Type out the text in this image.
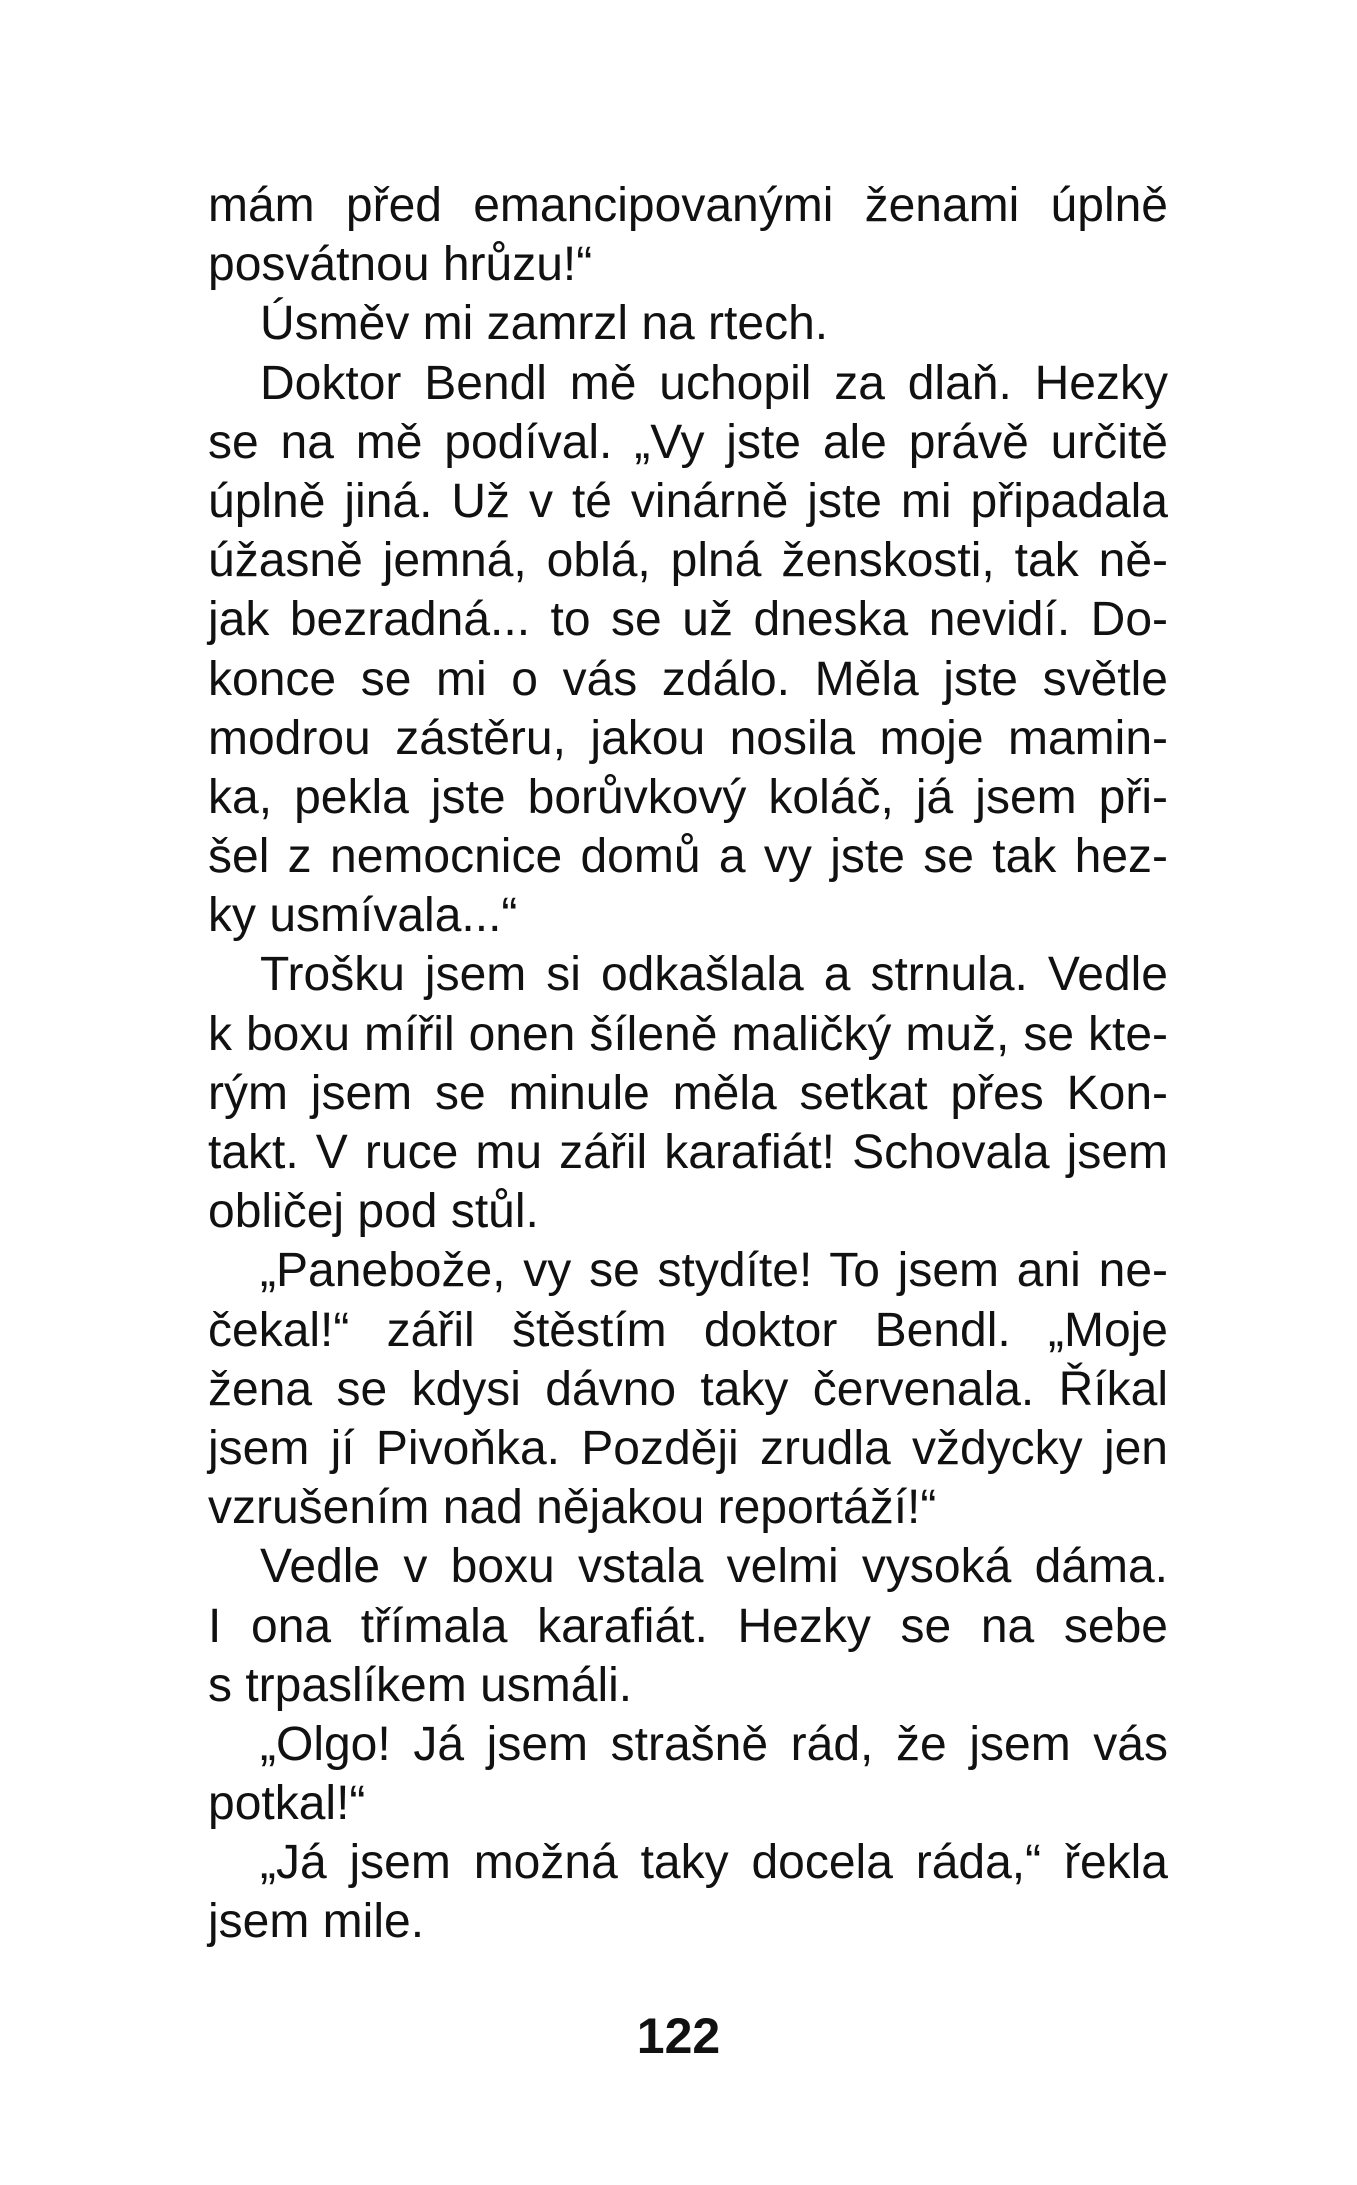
mám před emancipovanými ženami úplně
posvátnou hrůzu!“
Úsměv mi zamrzl na rtech.
Doktor Bendl mě uchopil za dlaň. Hezky
se na mě podíval. „Vy jste ale právě určitě
úplně jiná. Už v té vinárně jste mi připadala
úžasně jemná, oblá, plná ženskosti, tak ně-
jak bezradná... to se už dneska nevidí. Do-
konce se mi o vás zdálo. Měla jste světle
modrou zástěru, jakou nosila moje mamin-
ka, pekla jste borůvkový koláč, já jsem při-
šel z nemocnice domů a vy jste se tak hez-
ky usmívala...“
Trošku jsem si odkašlala a strnula. Vedle
k boxu mířil onen šíleně maličký muž, se kte-
rým jsem se minule měla setkat přes Kon-
takt. V ruce mu zářil karafiát! Schovala jsem
obličej pod stůl.
„Panebože, vy se stydíte! To jsem ani ne-
čekal!“ zářil štěstím doktor Bendl. „Moje
žena se kdysi dávno taky červenala. Říkal
jsem jí Pivoňka. Později zrudla vždycky jen
vzrušením nad nějakou reportáží!“
Vedle v boxu vstala velmi vysoká dáma.
I ona třímala karafiát. Hezky se na sebe
s trpaslíkem usmáli.
„Olgo! Já jsem strašně rád, že jsem vás
potkal!“
„Já jsem možná taky docela ráda,“ řekla
jsem mile.
122
